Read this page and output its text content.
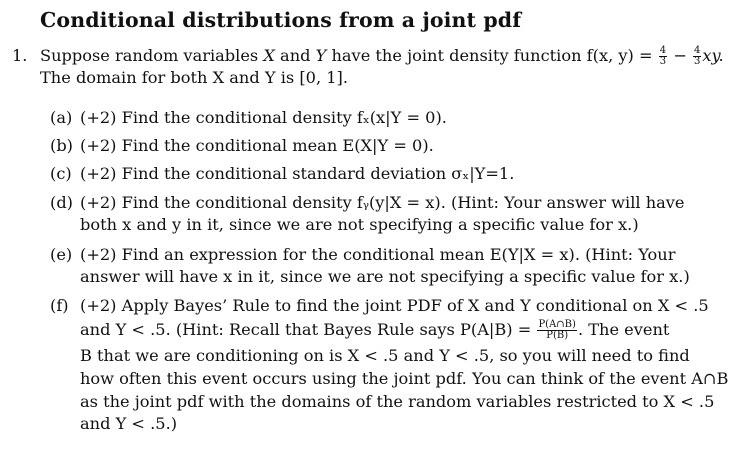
Conditional distributions from a joint pdf
1. Suppose random variables X and Y have the joint density function f(x, $y) = \frac{4}{3} - \frac{4}{3}$ xy.
The domain for both X and Y is [0, 1].
(a) (+2) Find the conditional density fₓ(x|Y = 0).
(b) (+2) Find the conditional mean E(X|Y = 0).
(c) (+2) Find the conditional standard deviation σₓ|Y=1.
(d) (+2) Find the conditional density fᵧ(y|X = x). (Hint: Your answer will have
both x and y in it, since we are not specifying a specific value for x.)
(e) (+2) Find an expression for the conditional mean E(Y|X = x). (Hint: Your
answer will have x in it, since we are not specifying a specific value for x.)
(f) (+2) Apply Bayes’ Rule to find the joint PDF of X and Y conditional on X < .5
and Y < .5. (Hint: Recall that Bayes Rule says $P(A|B) = \frac{P(A\cap B)}{P(B)}$ . The event
B that we are conditioning on is X < .5 and Y < .5, so you will need to find
how often this event occurs using the joint pdf. You can think of the event A∩B
as the joint pdf with the domains of the random variables restricted to X < .5
and Y < .5.)
